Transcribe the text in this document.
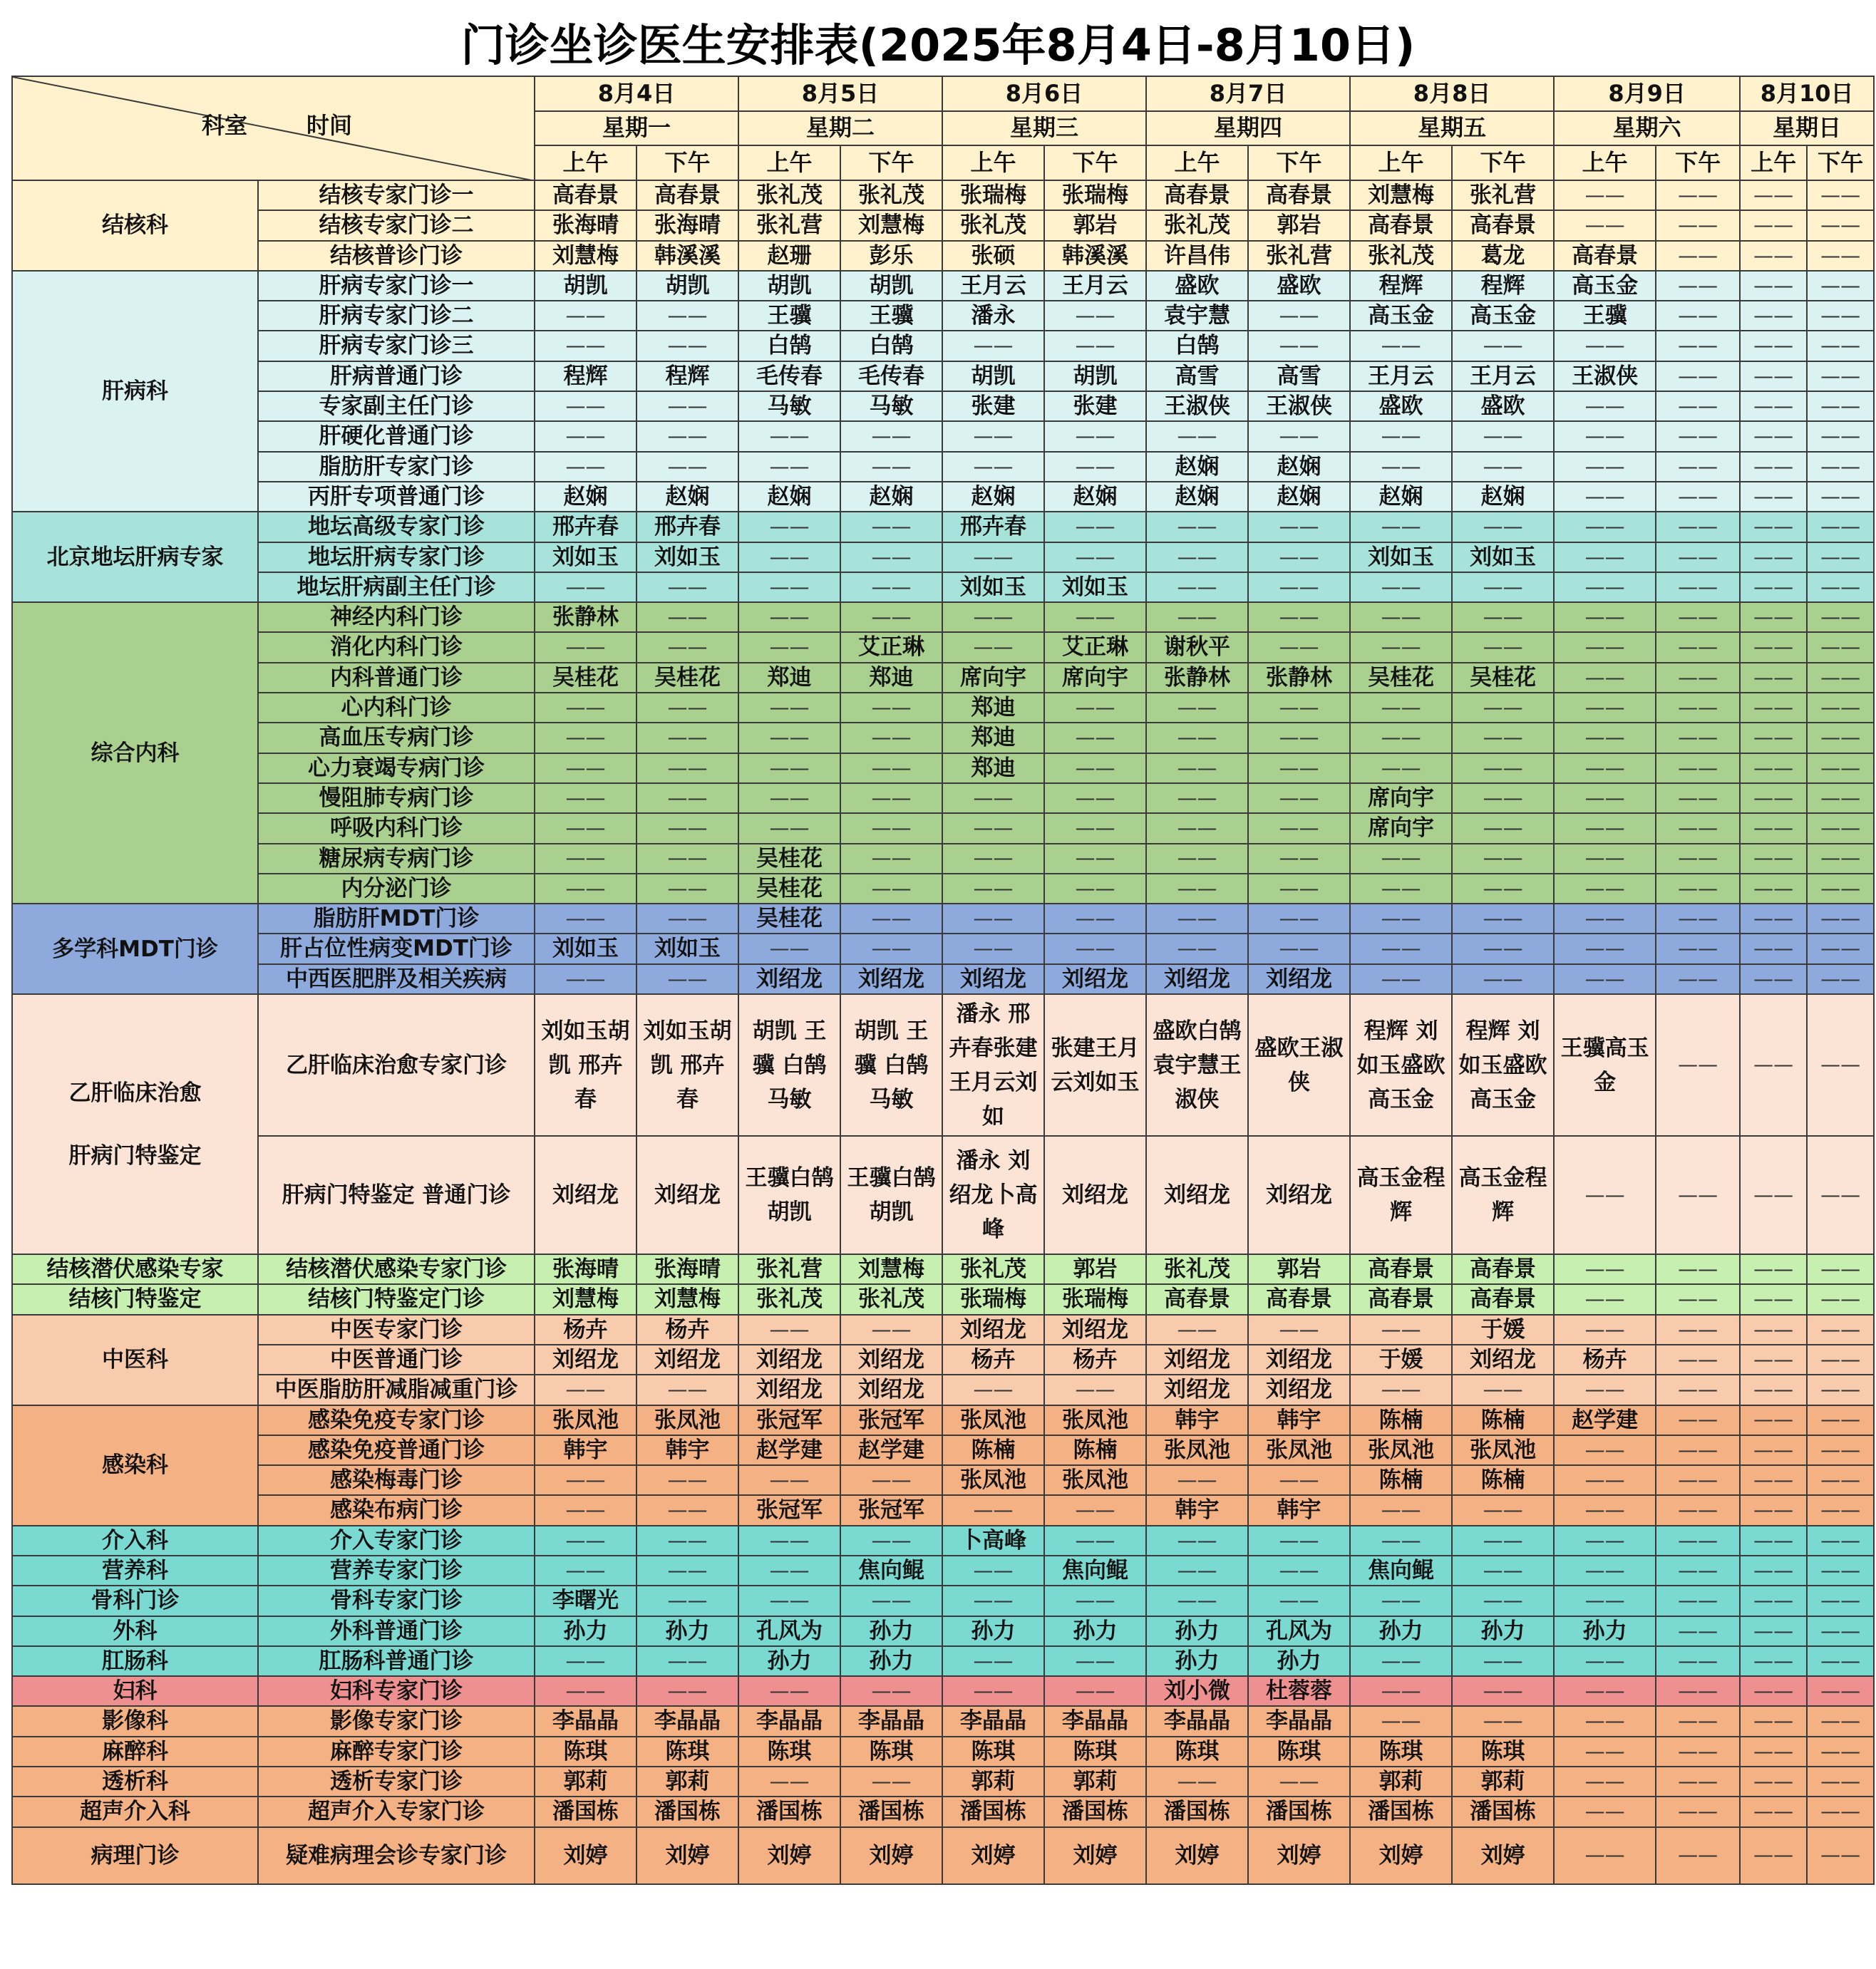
门诊坐诊医生安排表(2025年8月4日-8月10日)
科室 时间		8月4日		8月5日		8月6日		8月7日		8月8日		8月9日		8月10日	
		星期一		星期二		星期三		星期四		星期五		星期六		星期日	
		上午	下午	上午	下午	上午	下午	上午	下午	上午	下午	上午	下午	上午	下午
结核科	结核专家门诊一	高春景	高春景	张礼茂	张礼茂	张瑞梅	张瑞梅	高春景	高春景	刘慧梅	张礼营	——	——	——	——
	结核专家门诊二	张海晴	张海晴	张礼营	刘慧梅	张礼茂	郭岩	张礼茂	郭岩	高春景	高春景	——	——	——	——
	结核普诊门诊	刘慧梅	韩溪溪	赵珊	彭乐	张硕	韩溪溪	许昌伟	张礼营	张礼茂	葛龙	高春景	——	——	——
肝病科	肝病专家门诊一	胡凯	胡凯	胡凯	胡凯	王月云	王月云	盛欧	盛欧	程辉	程辉	高玉金	——	——	——
	肝病专家门诊二	——	——	王骥	王骥	潘永	——	袁宇慧	——	高玉金	高玉金	王骥	——	——	——
	肝病专家门诊三	——	——	白鹄	白鹄	——	——	白鹄	——	——	——	——	——	——	——
	肝病普通门诊	程辉	程辉	毛传春	毛传春	胡凯	胡凯	高雪	高雪	王月云	王月云	王淑侠	——	——	——
	专家副主任门诊	——	——	马敏	马敏	张建	张建	王淑侠	王淑侠	盛欧	盛欧	——	——	——	——
	肝硬化普通门诊	——	——	——	——	——	——	——	——	——	——	——	——	——	——
	脂肪肝专家门诊	——	——	——	——	——	——	赵娴	赵娴	——	——	——	——	——	——
	丙肝专项普通门诊	赵娴	赵娴	赵娴	赵娴	赵娴	赵娴	赵娴	赵娴	赵娴	赵娴	——	——	——	——
北京地坛肝病专家	地坛高级专家门诊	邢卉春	邢卉春	——	——	邢卉春	——	——	——	——	——	——	——	——	——
	地坛肝病专家门诊	刘如玉	刘如玉	——	——	——	——	——	——	刘如玉	刘如玉	——	——	——	——
	地坛肝病副主任门诊	——	——	——	——	刘如玉	刘如玉	——	——	——	——	——	——	——	——
综合内科	神经内科门诊	张静林	——	——	——	——	——	——	——	——	——	——	——	——	——
	消化内科门诊	——	——	——	艾正琳	——	艾正琳	谢秋平	——	——	——	——	——	——	——
	内科普通门诊	吴桂花	吴桂花	郑迪	郑迪	席向宇	席向宇	张静林	张静林	吴桂花	吴桂花	——	——	——	——
	心内科门诊	——	——	——	——	郑迪	——	——	——	——	——	——	——	——	——
	高血压专病门诊	——	——	——	——	郑迪	——	——	——	——	——	——	——	——	——
	心力衰竭专病门诊	——	——	——	——	郑迪	——	——	——	——	——	——	——	——	——
	慢阻肺专病门诊	——	——	——	——	——	——	——	——	席向宇	——	——	——	——	——
	呼吸内科门诊	——	——	——	——	——	——	——	——	席向宇	——	——	——	——	——
	糖尿病专病门诊	——	——	吴桂花	——	——	——	——	——	——	——	——	——	——	——
	内分泌门诊	——	——	吴桂花	——	——	——	——	——	——	——	——	——	——	——
多学科MDT门诊	脂肪肝MDT门诊	——	——	吴桂花	——	——	——	——	——	——	——	——	——	——	——
	肝占位性病变MDT门诊	刘如玉	刘如玉	——	——	——	——	——	——	——	——	——	——	——	——
	中西医肥胖及相关疾病	——	——	刘绍龙	刘绍龙	刘绍龙	刘绍龙	刘绍龙	刘绍龙	——	——	——	——	——	——
乙肝临床治愈

肝病门特鉴定	乙肝临床治愈专家门诊	刘如玉胡凯 邢卉春	刘如玉胡凯 邢卉春	胡凯 王骥 白鹄马敏	胡凯 王骥 白鹄马敏	潘永 邢卉春张建 王月云刘如	张建王月云刘如玉	盛欧白鹄袁宇慧王淑侠	盛欧王淑侠	程辉 刘如玉盛欧 高玉金	程辉 刘如玉盛欧 高玉金	王骥高玉金	——	——	——
	肝病门特鉴定 普通门诊	刘绍龙	刘绍龙	王骥白鹄胡凯	王骥白鹄胡凯	潘永 刘绍龙卜高峰	刘绍龙	刘绍龙	刘绍龙	高玉金程辉	高玉金程辉	——	——	——	——
结核潜伏感染专家	结核潜伏感染专家门诊	张海晴	张海晴	张礼营	刘慧梅	张礼茂	郭岩	张礼茂	郭岩	高春景	高春景	——	——	——	——
结核门特鉴定	结核门特鉴定门诊	刘慧梅	刘慧梅	张礼茂	张礼茂	张瑞梅	张瑞梅	高春景	高春景	高春景	高春景	——	——	——	——
中医科	中医专家门诊	杨卉	杨卉	——	——	刘绍龙	刘绍龙	——	——	——	于媛	——	——	——	——
	中医普通门诊	刘绍龙	刘绍龙	刘绍龙	刘绍龙	杨卉	杨卉	刘绍龙	刘绍龙	于媛	刘绍龙	杨卉	——	——	——
	中医脂肪肝减脂减重门诊	——	——	刘绍龙	刘绍龙	——	——	刘绍龙	刘绍龙	——	——	——	——	——	——
感染科	感染免疫专家门诊	张凤池	张凤池	张冠军	张冠军	张凤池	张凤池	韩宇	韩宇	陈楠	陈楠	赵学建	——	——	——
	感染免疫普通门诊	韩宇	韩宇	赵学建	赵学建	陈楠	陈楠	张凤池	张凤池	张凤池	张凤池	——	——	——	——
	感染梅毒门诊	——	——	——	——	张凤池	张凤池	——	——	陈楠	陈楠	——	——	——	——
	感染布病门诊	——	——	张冠军	张冠军	——	——	韩宇	韩宇	——	——	——	——	——	——
介入科	介入专家门诊	——	——	——	——	卜高峰	——	——	——	——	——	——	——	——	——
营养科	营养专家门诊	——	——	——	焦向鲲	——	焦向鲲	——	——	焦向鲲	——	——	——	——	——
骨科门诊	骨科专家门诊	李曙光	——	——	——	——	——	——	——	——	——	——	——	——	——
外科	外科普通门诊	孙力	孙力	孔风为	孙力	孙力	孙力	孙力	孔风为	孙力	孙力	孙力	——	——	——
肛肠科	肛肠科普通门诊	——	——	孙力	孙力	——	——	孙力	孙力	——	——	——	——	——	——
妇科	妇科专家门诊	——	——	——	——	——	——	刘小微	杜蓉蓉	——	——	——	——	——	——
影像科	影像专家门诊	李晶晶	李晶晶	李晶晶	李晶晶	李晶晶	李晶晶	李晶晶	李晶晶	——	——	——	——	——	——
麻醉科	麻醉专家门诊	陈琪	陈琪	陈琪	陈琪	陈琪	陈琪	陈琪	陈琪	陈琪	陈琪	——	——	——	——
透析科	透析专家门诊	郭莉	郭莉	——	——	郭莉	郭莉	——	——	郭莉	郭莉	——	——	——	——
超声介入科	超声介入专家门诊	潘国栋	潘国栋	潘国栋	潘国栋	潘国栋	潘国栋	潘国栋	潘国栋	潘国栋	潘国栋	——	——	——	——
病理门诊	疑难病理会诊专家门诊	刘婷	刘婷	刘婷	刘婷	刘婷	刘婷	刘婷	刘婷	刘婷	刘婷	——	——	——	——
